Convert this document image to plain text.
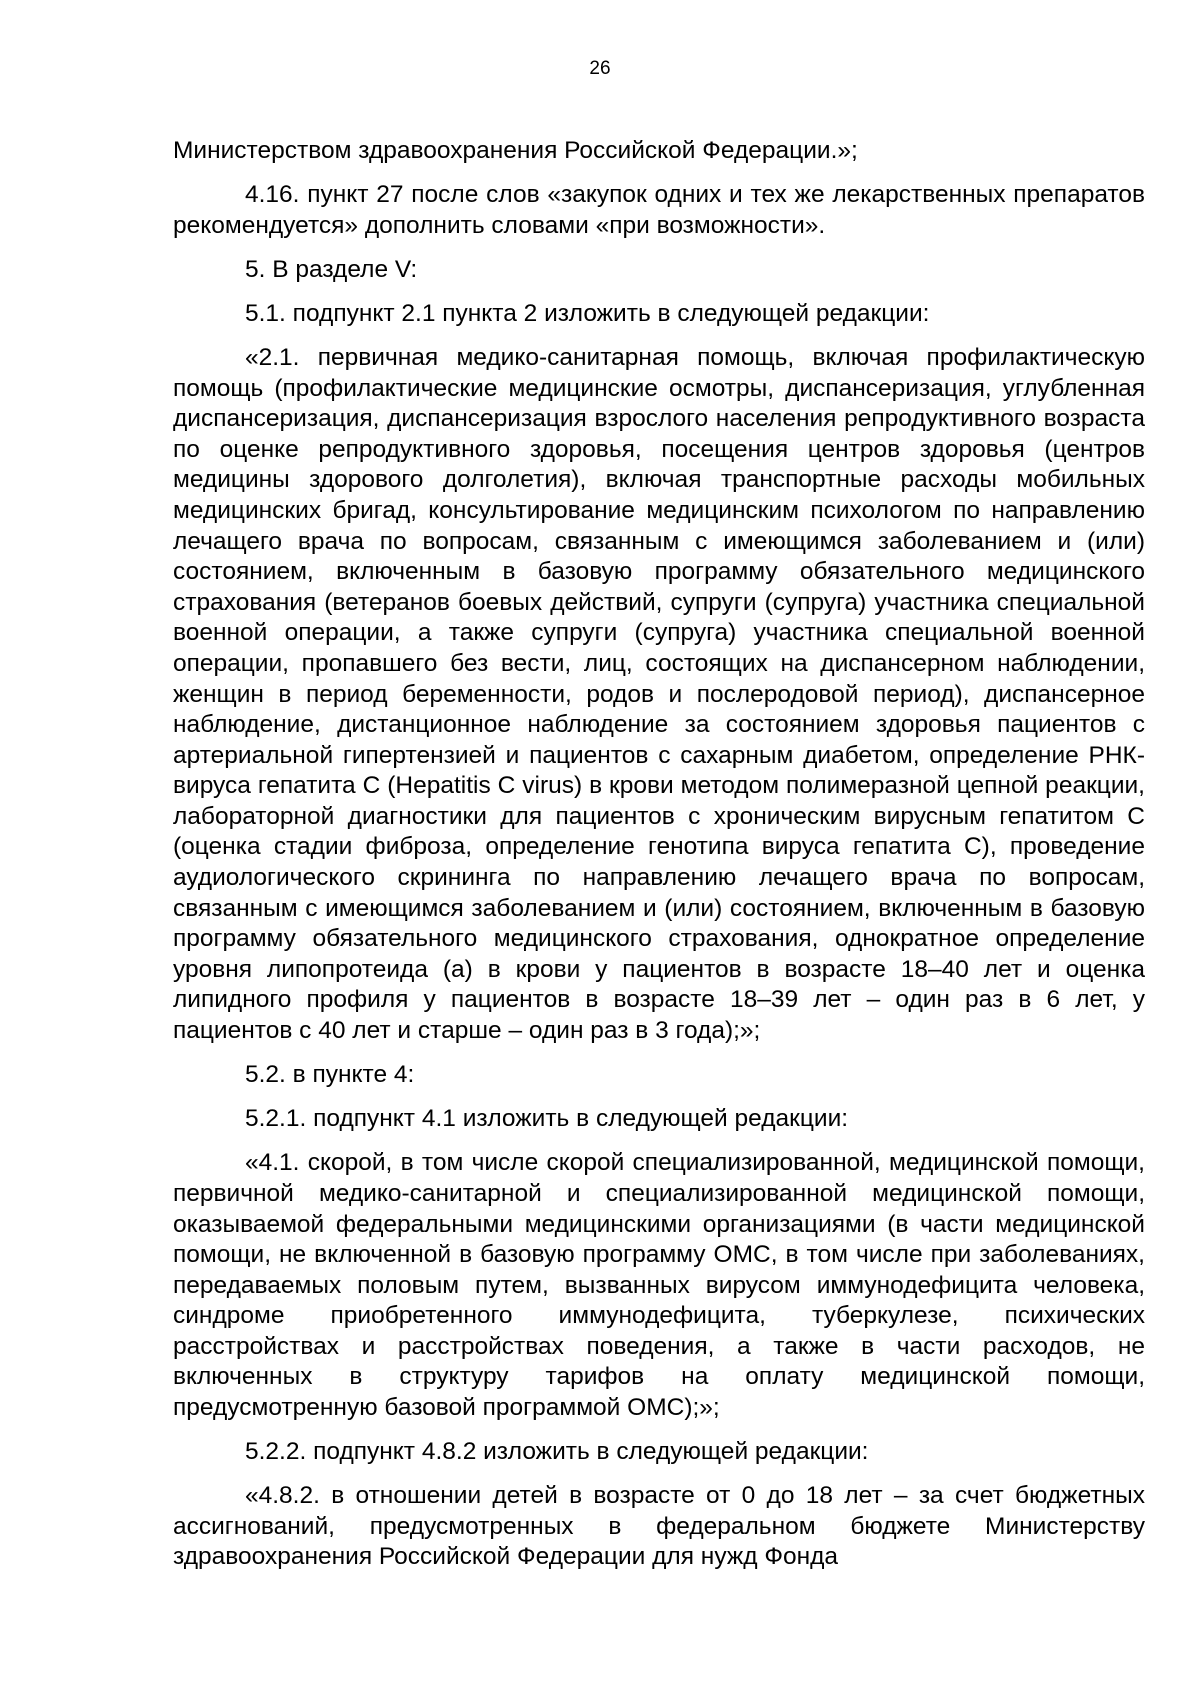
26

Министерством здравоохранения Российской Федерации.»;

4.16. пункт 27 после слов «закупок одних и тех же лекарственных препаратов рекомендуется» дополнить словами «при возможности».

5. В разделе V:

5.1. подпункт 2.1 пункта 2 изложить в следующей редакции:

«2.1. первичная медико-санитарная помощь, включая профилактическую помощь (профилактические медицинские осмотры, диспансеризация, углубленная диспансеризация, диспансеризация взрослого населения репродуктивного возраста по оценке репродуктивного здоровья, посещения центров здоровья (центров медицины здорового долголетия), включая транспортные расходы мобильных медицинских бригад, консультирование медицинским психологом по направлению лечащего врача по вопросам, связанным с имеющимся заболеванием и (или) состоянием, включенным в базовую программу обязательного медицинского страхования (ветеранов боевых действий, супруги (супруга) участника специальной военной операции, а также супруги (супруга) участника специальной военной операции, пропавшего без вести, лиц, состоящих на диспансерном наблюдении, женщин в период беременности, родов и послеродовой период), диспансерное наблюдение, дистанционное наблюдение за состоянием здоровья пациентов с артериальной гипертензией и пациентов с сахарным диабетом, определение РНК-вируса гепатита С (Hepatitis C virus) в крови методом полимеразной цепной реакции, лабораторной диагностики для пациентов с хроническим вирусным гепатитом С (оценка стадии фиброза, определение генотипа вируса гепатита С), проведение аудиологического скрининга по направлению лечащего врача по вопросам, связанным с имеющимся заболеванием и (или) состоянием, включенным в базовую программу обязательного медицинского страхования, однократное определение уровня липопротеида (а) в крови у пациентов в возрасте 18–40 лет и оценка липидного профиля у пациентов в возрасте 18–39 лет – один раз в 6 лет, у пациентов с 40 лет и старше – один раз в 3 года);»;

5.2. в пункте 4:

5.2.1. подпункт 4.1 изложить в следующей редакции:

«4.1. скорой, в том числе скорой специализированной, медицинской помощи, первичной медико-санитарной и специализированной медицинской помощи, оказываемой федеральными медицинскими организациями (в части медицинской помощи, не включенной в базовую программу ОМС, в том числе при заболеваниях, передаваемых половым путем, вызванных вирусом иммунодефицита человека, синдроме приобретенного иммунодефицита, туберкулезе, психических расстройствах и расстройствах поведения, а также в части расходов, не включенных в структуру тарифов на оплату медицинской помощи, предусмотренную базовой программой ОМС);»;

5.2.2. подпункт 4.8.2 изложить в следующей редакции:

«4.8.2. в отношении детей в возрасте от 0 до 18 лет – за счет бюджетных ассигнований, предусмотренных в федеральном бюджете Министерству здравоохранения Российской Федерации для нужд Фонда
